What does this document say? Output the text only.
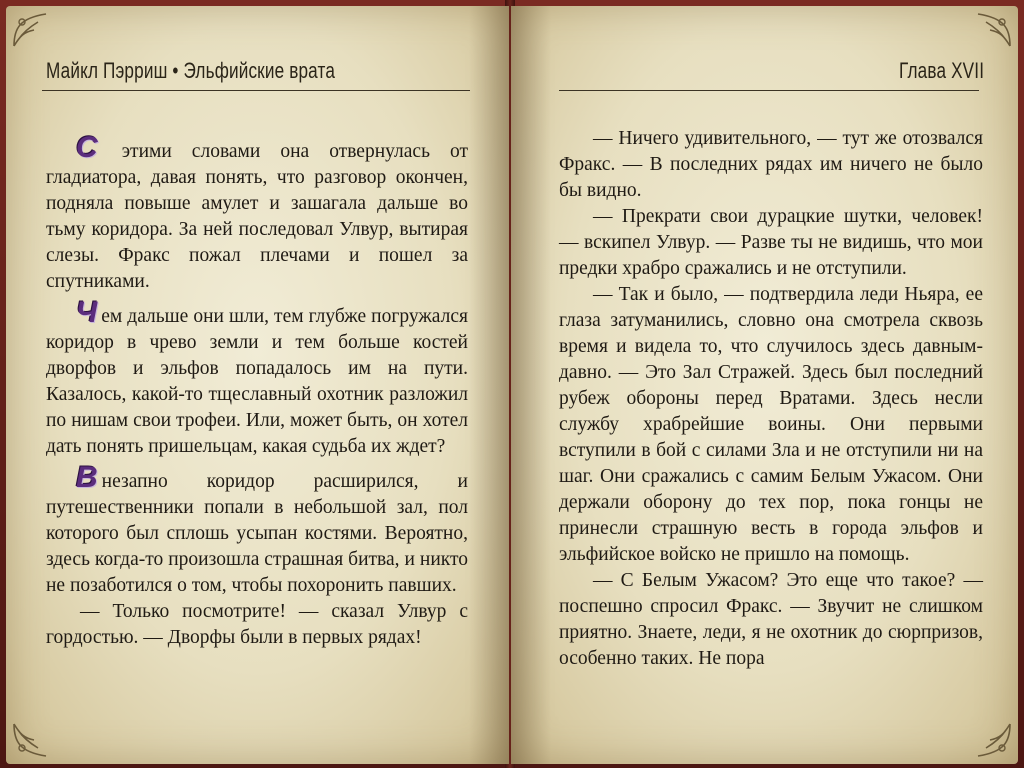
Майкл Пэрриш • Эльфийские врата

С этими словами она отвернулась от гладиатора, давая понять, что разговор окончен, подняла повыше амулет и зашагала дальше во тьму коридора. За ней последовал Улвур, вытирая слезы. Фракс пожал плечами и пошел за спутниками.

Чем дальше они шли, тем глубже погружался коридор в чрево земли и тем больше костей дворфов и эльфов попадалось им на пути. Казалось, какой-то тщеславный охотник разложил по нишам свои трофеи. Или, может быть, он хотел дать понять пришельцам, какая судьба их ждет?

Внезапно коридор расширился, и путешественники попали в небольшой зал, пол которого был сплошь усыпан костями. Вероятно, здесь когда-то произошла страшная битва, и никто не позаботился о том, чтобы похоронить павших.

— Только посмотрите! — сказал Улвур с гордостью. — Дворфы были в первых рядах!

Глава XVII

— Ничего удивительного, — тут же отозвался Фракс. — В последних рядах им ничего не было бы видно.

— Прекрати свои дурацкие шутки, человек! — вскипел Улвур. — Разве ты не видишь, что мои предки храбро сражались и не отступили.

— Так и было, — подтвердила леди Ньяра, ее глаза затуманились, словно она смотрела сквозь время и видела то, что случилось здесь давным-давно. — Это Зал Стражей. Здесь был последний рубеж обороны перед Вратами. Здесь несли службу храбрейшие воины. Они первыми вступили в бой с силами Зла и не отступили ни на шаг. Они сражались с самим Белым Ужасом. Они держали оборону до тех пор, пока гонцы не принесли страшную весть в города эльфов и эльфийское войско не пришло на помощь.

— С Белым Ужасом? Это еще что такое? — поспешно спросил Фракс. — Звучит не слишком приятно. Знаете, леди, я не охотник до сюрпризов, особенно таких. Не пора
